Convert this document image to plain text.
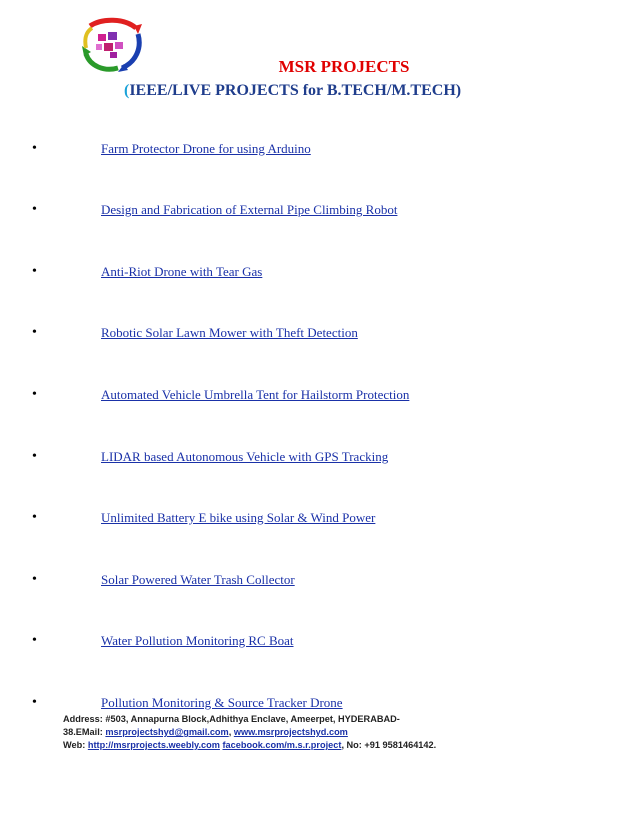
MSR PROJECTS
(IEEE/LIVE PROJECTS for B.TECH/M.TECH)
•	Farm Protector Drone for using Arduino
•	Design and Fabrication of External Pipe Climbing Robot
•	Anti-Riot Drone with Tear Gas
•	Robotic Solar Lawn Mower with Theft Detection
•	Automated Vehicle Umbrella Tent for Hailstorm Protection
•	LIDAR based Autonomous Vehicle with GPS Tracking
•	Unlimited Battery E bike using Solar & Wind Power
•	Solar Powered Water Trash Collector
•	Water Pollution Monitoring RC Boat
•	Pollution Monitoring & Source Tracker Drone
Address: #503, Annapurna Block,Adhithya Enclave, Ameerpet, HYDERABAD-
38.EMail: msrprojectshyd@gmail.com, www.msrprojectshyd.com
Web: http://msrprojects.weebly.com facebook.com/m.s.r.project, No: +91 9581464142.
